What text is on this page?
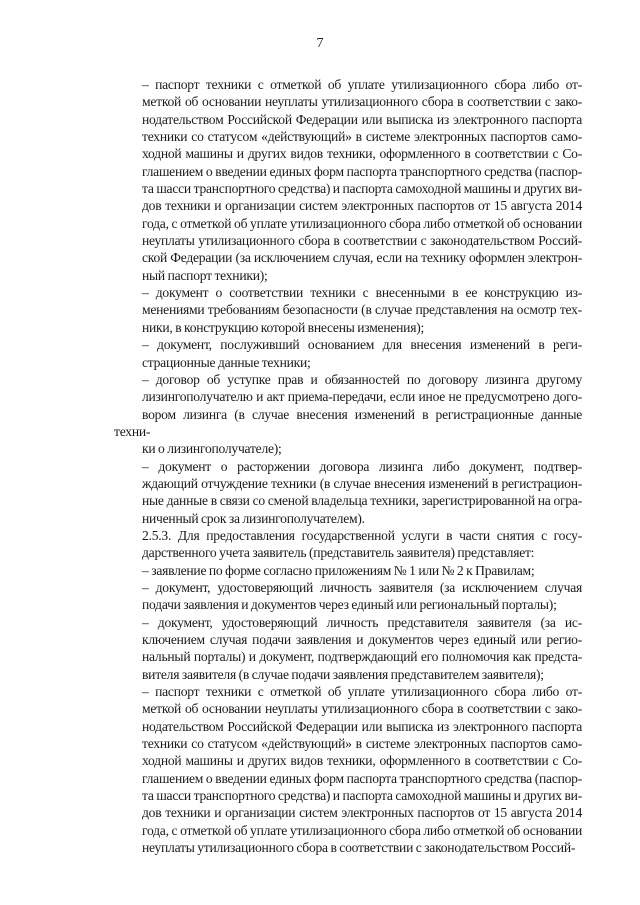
7

– паспорт техники с отметкой об уплате утилизационного сбора либо от-
меткой об основании неуплаты утилизационного сбора в соответствии с зако-
нодательством Российской Федерации или выписка из электронного паспорта
техники со статусом «действующий» в системе электронных паспортов само-
ходной машины и других видов техники, оформленного в соответствии с Со-
глашением о введении единых форм паспорта транспортного средства (паспор-
та шасси транспортного средства) и паспорта самоходной машины и других ви-
дов техники и организации систем электронных паспортов от 15 августа 2014
года, с отметкой об уплате утилизационного сбора либо отметкой об основании
неуплаты утилизационного сбора в соответствии с законодательством Россий-
ской Федерации (за исключением случая, если на технику оформлен электрон-
ный паспорт техники);

– документ о соответствии техники с внесенными в ее конструкцию из-
менениями требованиям безопасности (в случае представления на осмотр тех-
ники, в конструкцию которой внесены изменения);

– документ, послуживший основанием для внесения изменений в реги-
страционные данные техники;

– договор об уступке прав и обязанностей по договору лизинга другому
лизингополучателю и акт приема-передачи, если иное не предусмотрено дого-
вором лизинга (в случае внесения изменений в регистрационные данные техни-
ки о лизингополучателе);

– документ о расторжении договора лизинга либо документ, подтвер-
ждающий отчуждение техники (в случае внесения изменений в регистрацион-
ные данные в связи со сменой владельца техники, зарегистрированной на огра-
ниченный срок за лизингополучателем).

2.5.3. Для предоставления государственной услуги в части снятия с госу-
дарственного учета заявитель (представитель заявителя) представляет:

– заявление по форме согласно приложениям № 1 или № 2 к Правилам;

– документ, удостоверяющий личность заявителя (за исключением случая
подачи заявления и документов через единый или региональный порталы);

– документ, удостоверяющий личность представителя заявителя (за ис-
ключением случая подачи заявления и документов через единый или регио-
нальный порталы) и документ, подтверждающий его полномочия как предста-
вителя заявителя (в случае подачи заявления представителем заявителя);

– паспорт техники с отметкой об уплате утилизационного сбора либо от-
меткой об основании неуплаты утилизационного сбора в соответствии с зако-
нодательством Российской Федерации или выписка из электронного паспорта
техники со статусом «действующий» в системе электронных паспортов само-
ходной машины и других видов техники, оформленного в соответствии с Со-
глашением о введении единых форм паспорта транспортного средства (паспор-
та шасси транспортного средства) и паспорта самоходной машины и других ви-
дов техники и организации систем электронных паспортов от 15 августа 2014
года, с отметкой об уплате утилизационного сбора либо отметкой об основании
неуплаты утилизационного сбора в соответствии с законодательством Россий-
